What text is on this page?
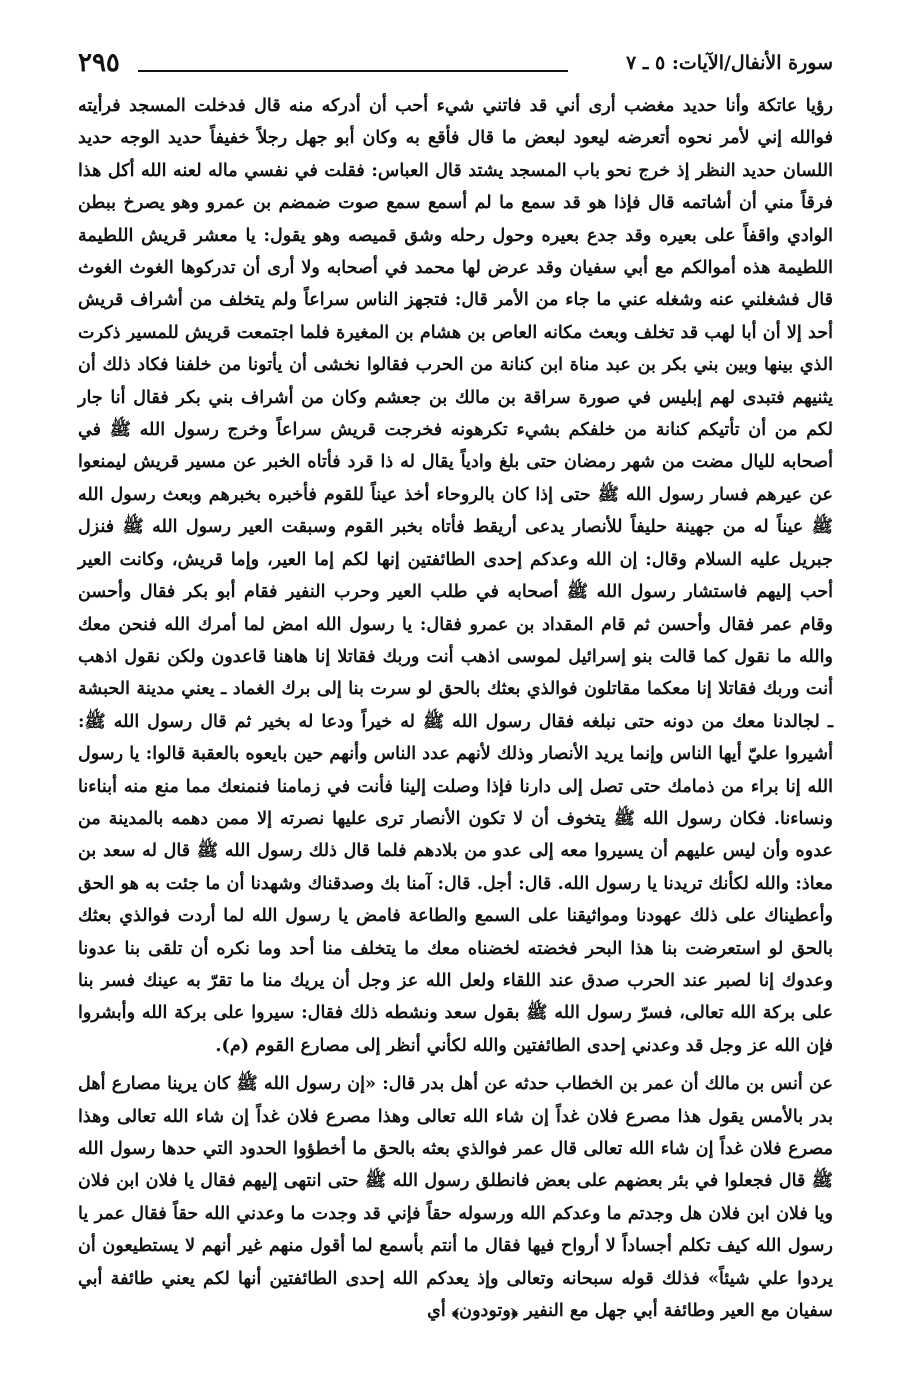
٢٩٥	سورة الأنفال/الآيات: ٥ ـ ٧

رؤيا عاتكة وأنا حديد مغضب أرى أني قد فاتني شيء أحب أن أدركه منه قال فدخلت المسجد فرأيته فوالله إني لأمر نحوه أتعرضه ليعود لبعض ما قال فأقع به وكان أبو جهل رجلاً خفيفاً حديد الوجه حديد اللسان حديد النظر إذ خرج نحو باب المسجد يشتد قال العباس: فقلت في نفسي ماله لعنه الله أكل هذا فرقاً مني أن أشاتمه قال فإذا هو قد سمع ما لم أسمع سمع صوت ضمضم بن عمرو وهو يصرخ ببطن الوادي واقفاً على بعيره وقد جدع بعيره وحول رحله وشق قميصه وهو يقول: يا معشر قريش اللطيمة اللطيمة هذه أموالكم مع أبي سفيان وقد عرض لها محمد في أصحابه ولا أرى أن تدركوها الغوث الغوث قال فشغلني عنه وشغله عني ما جاء من الأمر قال: فتجهز الناس سراعاً ولم يتخلف من أشراف قريش أحد إلا أن أبا لهب قد تخلف وبعث مكانه العاص بن هشام بن المغيرة فلما اجتمعت قريش للمسير ذكرت الذي بينها وبين بني بكر بن عبد مناة ابن كنانة من الحرب فقالوا نخشى أن يأتونا من خلفنا فكاد ذلك أن يثنيهم فتبدى لهم إبليس في صورة سراقة بن مالك بن جعشم وكان من أشراف بني بكر فقال أنا جار لكم من أن تأتيكم كنانة من خلفكم بشيء تكرهونه فخرجت قريش سراعاً وخرج رسول الله ﷺ في أصحابه لليال مضت من شهر رمضان حتى بلغ وادياً يقال له ذا قرد فأتاه الخبر عن مسير قريش ليمنعوا عن عيرهم فسار رسول الله ﷺ حتى إذا كان بالروحاء أخذ عيناً للقوم فأخبره بخبرهم وبعث رسول الله ﷺ عيناً له من جهينة حليفاً للأنصار يدعى أريقط فأتاه بخبر القوم وسبقت العير رسول الله ﷺ فنزل جبريل عليه السلام وقال: إن الله وعدكم إحدى الطائفتين إنها لكم إما العير، وإما قريش، وكانت العير أحب إليهم فاستشار رسول الله ﷺ أصحابه في طلب العير وحرب النفير فقام أبو بكر فقال وأحسن وقام عمر فقال وأحسن ثم قام المقداد بن عمرو فقال: يا رسول الله امض لما أمرك الله فنحن معك والله ما نقول كما قالت بنو إسرائيل لموسى اذهب أنت وربك فقاتلا إنا هاهنا قاعدون ولكن نقول اذهب أنت وربك فقاتلا إنا معكما مقاتلون فوالذي بعثك بالحق لو سرت بنا إلى برك الغماد ـ يعني مدينة الحبشة ـ لجالدنا معك من دونه حتى نبلغه فقال رسول الله ﷺ له خيراً ودعا له بخير ثم قال رسول الله ﷺ: أشيروا عليّ أيها الناس وإنما يريد الأنصار وذلك لأنهم عدد الناس وأنهم حين بايعوه بالعقبة قالوا: يا رسول الله إنا براء من ذمامك حتى تصل إلى دارنا فإذا وصلت إلينا فأنت في زمامنا فنمنعك مما منع منه أبناءنا ونساءنا. فكان رسول الله ﷺ يتخوف أن لا تكون الأنصار ترى عليها نصرته إلا ممن دهمه بالمدينة من عدوه وأن ليس عليهم أن يسيروا معه إلى عدو من بلادهم فلما قال ذلك رسول الله ﷺ قال له سعد بن معاذ: والله لكأنك تريدنا يا رسول الله. قال: أجل. قال: آمنا بك وصدقناك وشهدنا أن ما جئت به هو الحق وأعطيناك على ذلك عهودنا ومواثيقنا على السمع والطاعة فامض يا رسول الله لما أردت فوالذي بعثك بالحق لو استعرضت بنا هذا البحر فخضته لخضناه معك ما يتخلف منا أحد وما نكره أن تلقى بنا عدونا وعدوك إنا لصبر عند الحرب صدق عند اللقاء ولعل الله عز وجل أن يريك منا ما تقرّ به عينك فسر بنا على بركة الله تعالى، فسرّ رسول الله ﷺ بقول سعد ونشطه ذلك فقال: سيروا على بركة الله وأبشروا فإن الله عز وجل قد وعدني إحدى الطائفتين والله لكأني أنظر إلى مصارع القوم (م).

عن أنس بن مالك أن عمر بن الخطاب حدثه عن أهل بدر قال: «إن رسول الله ﷺ كان يرينا مصارع أهل بدر بالأمس يقول هذا مصرع فلان غداً إن شاء الله تعالى وهذا مصرع فلان غداً إن شاء الله تعالى وهذا مصرع فلان غداً إن شاء الله تعالى قال عمر فوالذي بعثه بالحق ما أخطؤوا الحدود التي حدها رسول الله ﷺ قال فجعلوا في بئر بعضهم على بعض فانطلق رسول الله ﷺ حتى انتهى إليهم فقال يا فلان ابن فلان ويا فلان ابن فلان هل وجدتم ما وعدكم الله ورسوله حقاً فإني قد وجدت ما وعدني الله حقاً فقال عمر يا رسول الله كيف تكلم أجساداً لا أرواح فيها فقال ما أنتم بأسمع لما أقول منهم غير أنهم لا يستطيعون أن يردوا علي شيئاً» فذلك قوله سبحانه وتعالى وإذ يعدكم الله إحدى الطائفتين أنها لكم يعني طائفة أبي سفيان مع العير وطائفة أبي جهل مع النفير ﴿وتودون﴾ أي
